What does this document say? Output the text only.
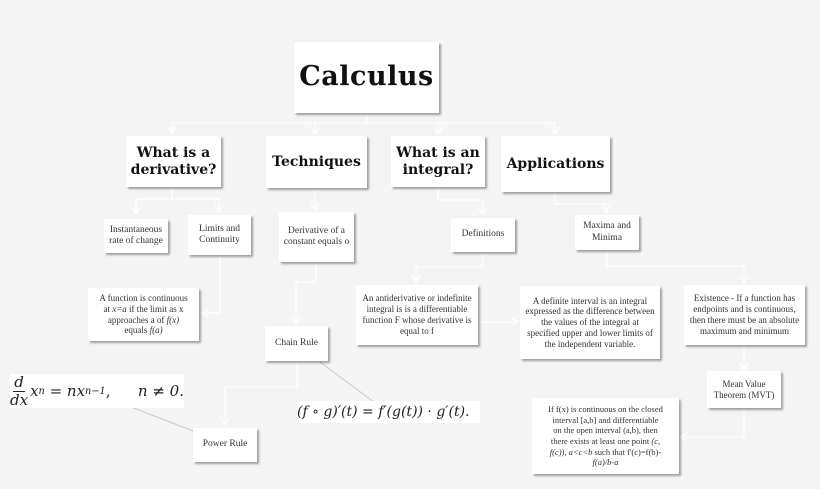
Calculus
What is a derivative?	Techniques
What is an integral?	Applications
Instantaneous rate of change
Limits and Continuity
Derivative of a constant equals o
Definitions
Maxima and Minima
A function is continuous
at x=a if the limit as x
approaches a of f(x)
equals f(a)
Chain Rule
Power Rule
An antiderivative or indefinite integral is is a differentiable function F whose derivative is equal to f
A definite interval is an integral expressed as the difference between the values of the integral at specified upper and lower limits of the independent variable.
Existence - If a function has endpoints and is continuous, then there must be an absolute maximum and minimum
Mean Value Theorem (MVT)
If f(x) is continuous on the closed
interval [a,b] and differentiable
on the open interval (a,b), then
there exists at least one point (c,
f(c)), a<c<b such that f'(c)=f(b)-
f(a)/b-a
$\frac{d}{dx}$ x n = nx n−1 , n ≠ 0.
(f ∘ g)′(t) = f′(g(t)) · g′(t).
